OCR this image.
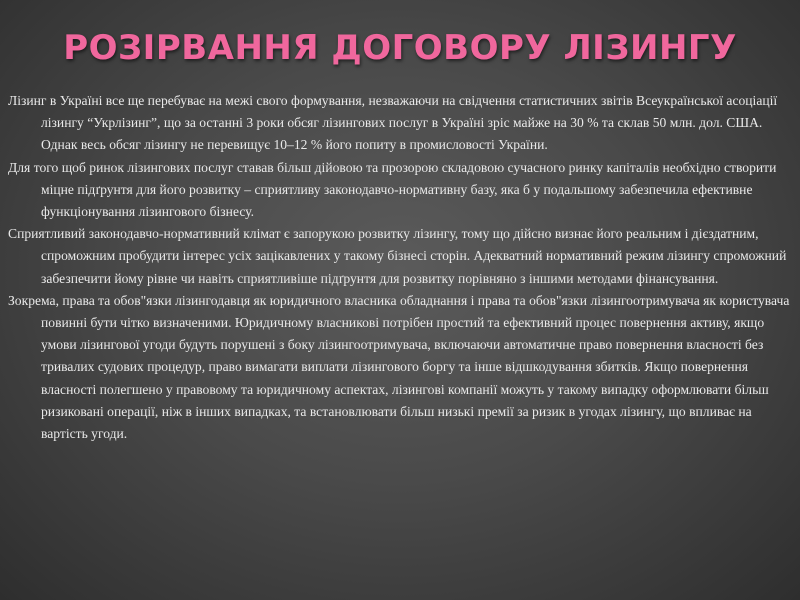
РОЗІРВАННЯ ДОГОВОРУ ЛІЗИНГУ

Лізинг в Україні все ще перебуває на межі свого формування, незважаючи на свідчення статистичних звітів Всеукраїнської асоціації лізингу “Укрлізинг”, що за останні 3 роки обсяг лізингових послуг в Україні зріс майже на 30 % та склав 50 млн. дол. США. Однак весь обсяг лізингу не перевищує 10–12 % його попиту в промисловості України.

Для того щоб ринок лізингових послуг ставав більш дійовою та прозорою складовою сучасного ринку капіталів необхідно створити міцне підґрунтя для його розвитку – сприятливу законодавчо-нормативну базу, яка б у подальшому забезпечила ефективне функціонування лізингового бізнесу.

Сприятливий законодавчо-нормативний клімат є запорукою розвитку лізингу, тому що дійсно визнає його реальним і дієздатним, спроможним пробудити інтерес усіх зацікавлених у такому бізнесі сторін. Адекватний нормативний режим лізингу спроможний забезпечити йому рівне чи навіть сприятливіше підґрунтя для розвитку порівняно з іншими методами фінансування.

Зокрема, права та обов"язки лізингодавця як юридичного власника обладнання і права та обов"язки лізингоотримувача як користувача повинні бути чітко визначеними. Юридичному власникові потрібен простий та ефективний процес повернення активу, якщо умови лізингової угоди будуть порушені з боку лізингоотримувача, включаючи автоматичне право повернення власності без тривалих судових процедур, право вимагати виплати лізингового боргу та інше відшкодування збитків. Якщо повернення власності полегшено у правовому та юридичному аспектах, лізингові компанії можуть у такому випадку оформлювати більш ризиковані операції, ніж в інших випадках, та встановлювати більш низькі премії за ризик в угодах лізингу, що впливає на вартість угоди.
